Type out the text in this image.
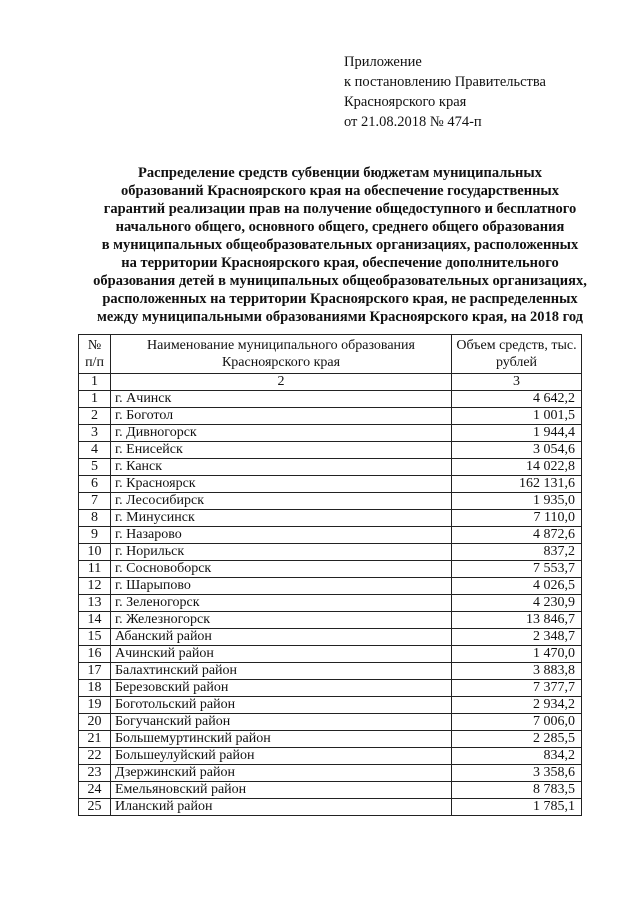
Приложение
к постановлению Правительства
Красноярского края
от 21.08.2018 № 474-п
Распределение средств субвенции бюджетам муниципальных
образований Красноярского края на обеспечение государственных
гарантий реализации прав на получение общедоступного и бесплатного
начального общего, основного общего, среднего общего образования
в муниципальных общеобразовательных организациях, расположенных
на территории Красноярского края, обеспечение дополнительного
образования детей в муниципальных общеобразовательных организациях,
расположенных на территории Красноярского края, не распределенных
между муниципальными образованиями Красноярского края, на 2018 год
№ п/п	Наименование муниципального образования Красноярского края	Объем средств, тыс. рублей
1	2	3
1	г. Ачинск	4 642,2
2	г. Боготол	1 001,5
3	г. Дивногорск	1 944,4
4	г. Енисейск	3 054,6
5	г. Канск	14 022,8
6	г. Красноярск	162 131,6
7	г. Лесосибирск	1 935,0
8	г. Минусинск	7 110,0
9	г. Назарово	4 872,6
10	г. Норильск	837,2
11	г. Сосновоборск	7 553,7
12	г. Шарыпово	4 026,5
13	г. Зеленогорск	4 230,9
14	г. Железногорск	13 846,7
15	Абанский район	2 348,7
16	Ачинский район	1 470,0
17	Балахтинский район	3 883,8
18	Березовский район	7 377,7
19	Боготольский район	2 934,2
20	Богучанский район	7 006,0
21	Большемуртинский район	2 285,5
22	Большеулуйский район	834,2
23	Дзержинский район	3 358,6
24	Емельяновский район	8 783,5
25	Иланский район	1 785,1
